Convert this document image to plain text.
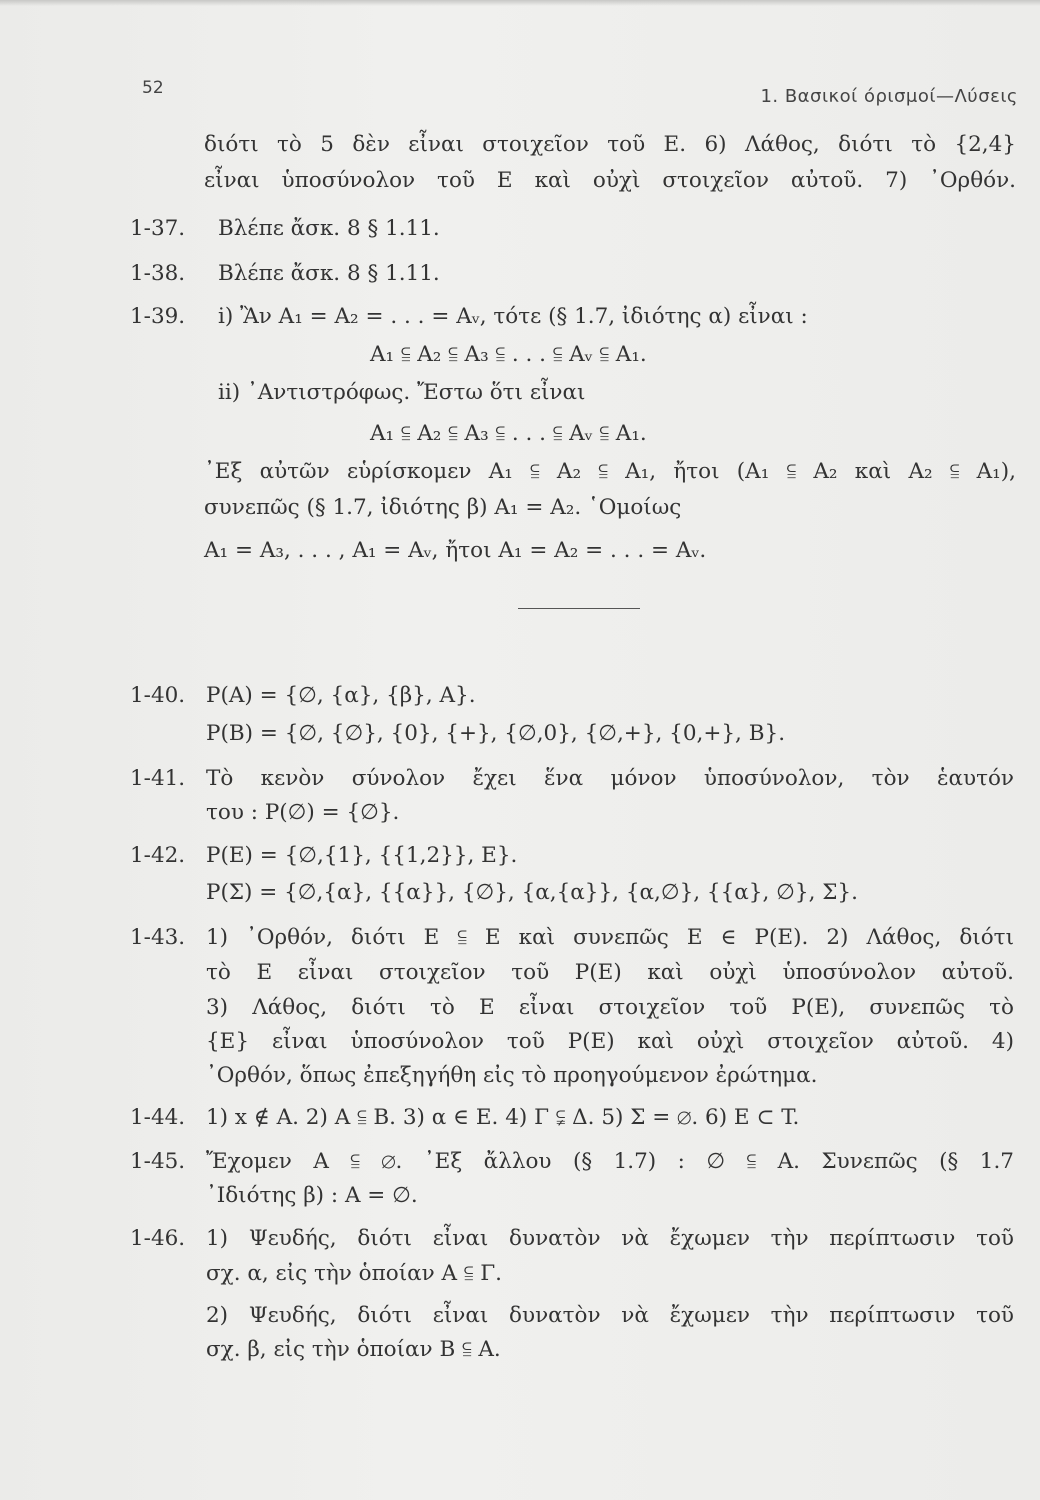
52	1. Βασικοί όρισμοί—Λύσεις
διότι τὸ 5 δὲν εἶναι στοιχεῖον τοῦ Ε. 6) Λάθος, διότι τὸ {2,4}
εἶναι ὑποσύνολον τοῦ Ε καὶ οὐχὶ στοιχεῖον αὐτοῦ. 7) ᾿Ορθόν.
1-37. Βλέπε ἄσκ. 8 § 1.11.
1-38. Βλέπε ἄσκ. 8 § 1.11.
1-39. i) Ἂν A₁ = A₂ = . . . = Aᵥ, τότε (§ 1.7, ἰδιότης α) εἶναι :
A₁ ⫅ A₂ ⫅ A₃ ⫅ . . . ⫅ Aᵥ ⫅ A₁.
ii) ᾿Αντιστρόφως. Ἔστω ὅτι εἶναι
A₁ ⫅ A₂ ⫅ A₃ ⫅ . . . ⫅ Aᵥ ⫅ A₁.
᾿Εξ αὐτῶν εὑρίσκομεν A₁ ⫅ A₂ ⫅ A₁, ἤτοι (A₁ ⫅ A₂ καὶ A₂ ⫅ A₁),
συνεπῶς (§ 1.7, ἰδιότης β) A₁ = A₂. ῾Ομοίως
A₁ = A₃, . . . , A₁ = Aᵥ, ἤτοι A₁ = A₂ = . . . = Aᵥ.
1-40. P(A) = {∅, {α}, {β}, A}.
P(B) = {∅, {∅}, {0}, {+}, {∅,0}, {∅,+}, {0,+}, B}.
1-41. Τὸ κενὸν σύνολον ἔχει ἕνα μόνον ὑποσύνολον, τὸν ἑαυτόν
του : P(∅) = {∅}.
1-42. P(E) = {∅,{1}, {{1,2}}, E}.
P(Σ) = {∅,{α}, {{α}}, {∅}, {α,{α}}, {α,∅}, {{α}, ∅}, Σ}.
1-43. 1) ᾿Ορθόν, διότι Ε ⫅ Ε καὶ συνεπῶς Ε ∈ P(Ε). 2) Λάθος, διότι
τὸ Ε εἶναι στοιχεῖον τοῦ P(Ε) καὶ οὐχὶ ὑποσύνολον αὐτοῦ.
3) Λάθος, διότι τὸ Ε εἶναι στοιχεῖον τοῦ P(Ε), συνεπῶς τὸ
{Ε} εἶναι ὑποσύνολον τοῦ P(Ε) καὶ οὐχὶ στοιχεῖον αὐτοῦ. 4)
᾿Ορθόν, ὅπως ἐπεξηγήθη εἰς τὸ προηγούμενον ἐρώτημα.
1-44. 1) x ∉ A. 2) A ⫅ B. 3) α ∈ E. 4) Γ ⫋ Δ. 5) Σ = ∅. 6) E ⊂ T.
1-45. Ἔχομεν A ⫅ ∅. ᾿Εξ ἄλλου (§ 1.7) : ∅ ⫅ A. Συνεπῶς (§ 1.7
᾿Ιδιότης β) : A = ∅.
1-46. 1) Ψευδής, διότι εἶναι δυνατὸν νὰ ἔχωμεν τὴν περίπτωσιν τοῦ
σχ. α, εἰς τὴν ὁποίαν A ⫅ Γ.
2) Ψευδής, διότι εἶναι δυνατὸν νὰ ἔχωμεν τὴν περίπτωσιν τοῦ
σχ. β, εἰς τὴν ὁποίαν B ⫅ A.
